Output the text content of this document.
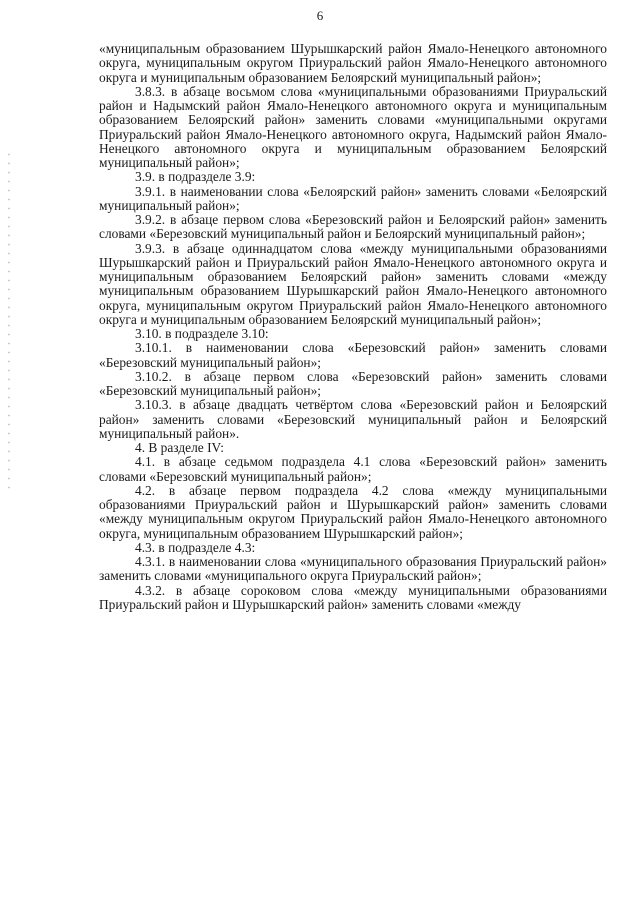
6

«муниципальным образованием Шурышкарский район Ямало-Ненецкого автономного округа, муниципальным округом Приуральский район Ямало-Ненецкого автономного округа и муниципальным образованием Белоярский муниципальный район»;

3.8.3. в абзаце восьмом слова «муниципальными образованиями Приуральский район и Надымский район Ямало-Ненецкого автономного округа и муниципальным образованием Белоярский район» заменить словами «муниципальными округами Приуральский район Ямало-Ненецкого автономного округа, Надымский район Ямало-Ненецкого автономного округа и муниципальным образованием Белоярский муниципальный район»;

3.9. в подразделе 3.9:

3.9.1. в наименовании слова «Белоярский район» заменить словами «Белоярский муниципальный район»;

3.9.2. в абзаце первом слова «Березовский район и Белоярский район» заменить словами «Березовский муниципальный район и Белоярский муниципальный район»;

3.9.3. в абзаце одиннадцатом слова «между муниципальными образованиями Шурышкарский район и Приуральский район Ямало-Ненецкого автономного округа и муниципальным образованием Белоярский район» заменить словами «между муниципальным образованием Шурышкарский район Ямало-Ненецкого автономного округа, муниципальным округом Приуральский район Ямало-Ненецкого автономного округа и муниципальным образованием Белоярский муниципальный район»;

3.10. в подразделе 3.10:

3.10.1. в наименовании слова «Березовский район» заменить словами «Березовский муниципальный район»;

3.10.2. в абзаце первом слова «Березовский район» заменить словами «Березовский муниципальный район»;

3.10.3. в абзаце двадцать четвёртом слова «Березовский район и Белоярский район» заменить словами «Березовский муниципальный район и Белоярский муниципальный район».

4. В разделе IV:

4.1. в абзаце седьмом подраздела 4.1 слова «Березовский район» заменить словами «Березовский муниципальный район»;

4.2. в абзаце первом подраздела 4.2 слова «между муниципальными образованиями Приуральский район и Шурышкарский район» заменить словами «между муниципальным округом Приуральский район Ямало-Ненецкого автономного округа, муниципальным образованием Шурышкарский район»;

4.3. в подразделе 4.3:

4.3.1. в наименовании слова «муниципального образования Приуральский район» заменить словами «муниципального округа Приуральский район»;

4.3.2. в абзаце сороковом слова «между муниципальными образованиями Приуральский район и Шурышкарский район» заменить словами «между
